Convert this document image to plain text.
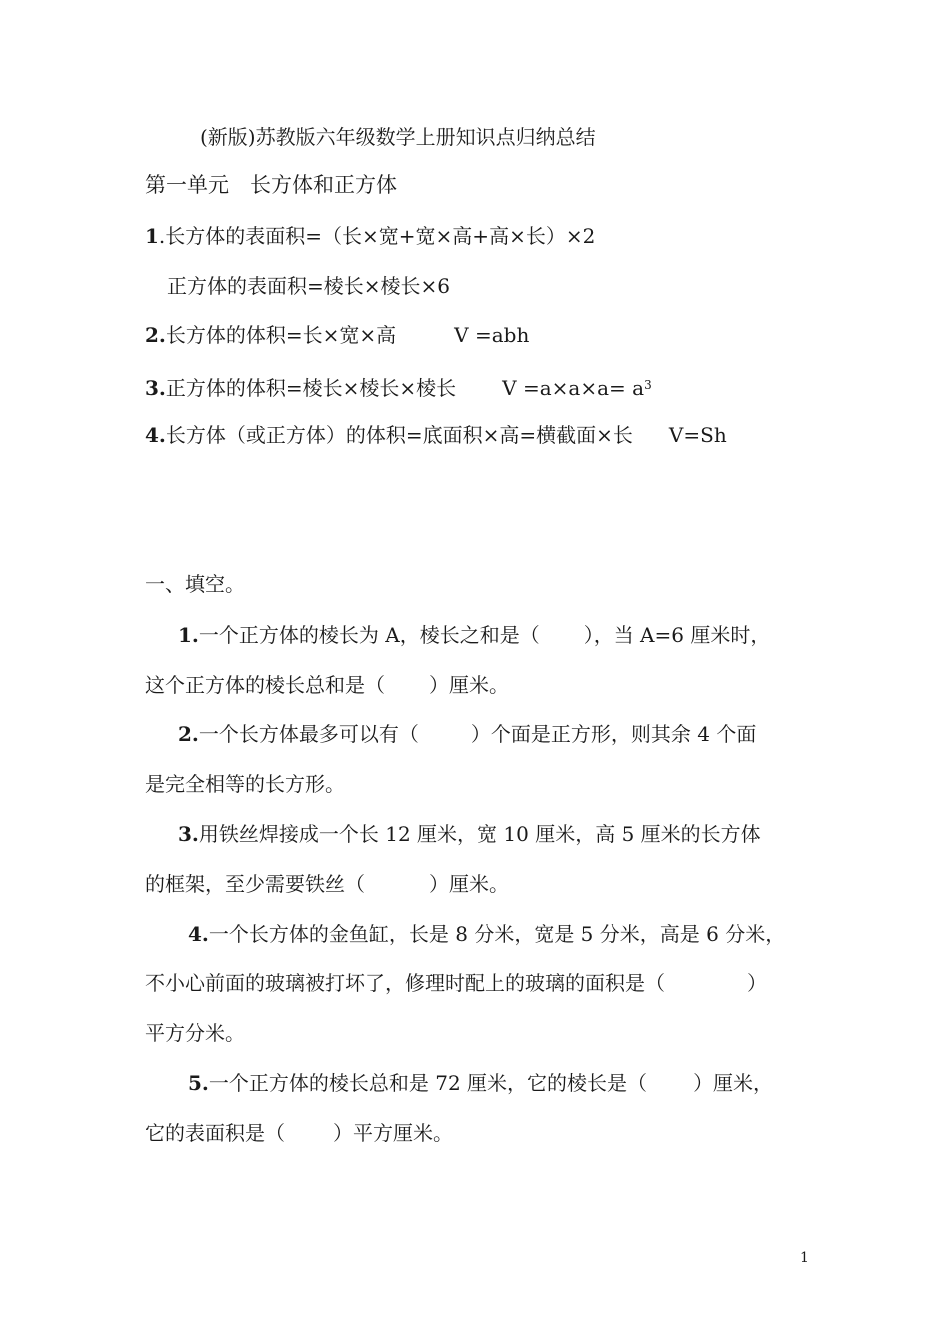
(新版)苏教版六年级数学上册知识点归纳总结
第一单元　长方体和正方体
1.长方体的表面积=（长×宽+宽×高+高×长）×2
正方体的表面积=棱长×棱长×6
2.长方体的体积=长×宽×高	V =abh
3.正方体的体积=棱长×棱长×棱长 $V =a\times a\times a= a^3$
4.长方体（或正方体）的体积=底面积×高=横截面×长 V=Sh
一、填空。
1.一个正方体的棱长为 A，棱长之和是（ ），当 A=6 厘米时，
这个正方体的棱长总和是（ ）厘米。
2.一个长方体最多可以有（	）个面是正方形，则其余 4 个面
是完全相等的长方形。
3.用铁丝焊接成一个长 12 厘米，宽 10 厘米，高 5 厘米的长方体
的框架，至少需要铁丝（	）厘米。
4.一个长方体的金鱼缸，长是 8 分米，宽是 5 分米，高是 6 分米，
不小心前面的玻璃被打坏了，修理时配上的玻璃的面积是（	）
平方分米。
5.一个正方体的棱长总和是 72 厘米，它的棱长是（ ）厘米，
它的表面积是（ ）平方厘米。
1
